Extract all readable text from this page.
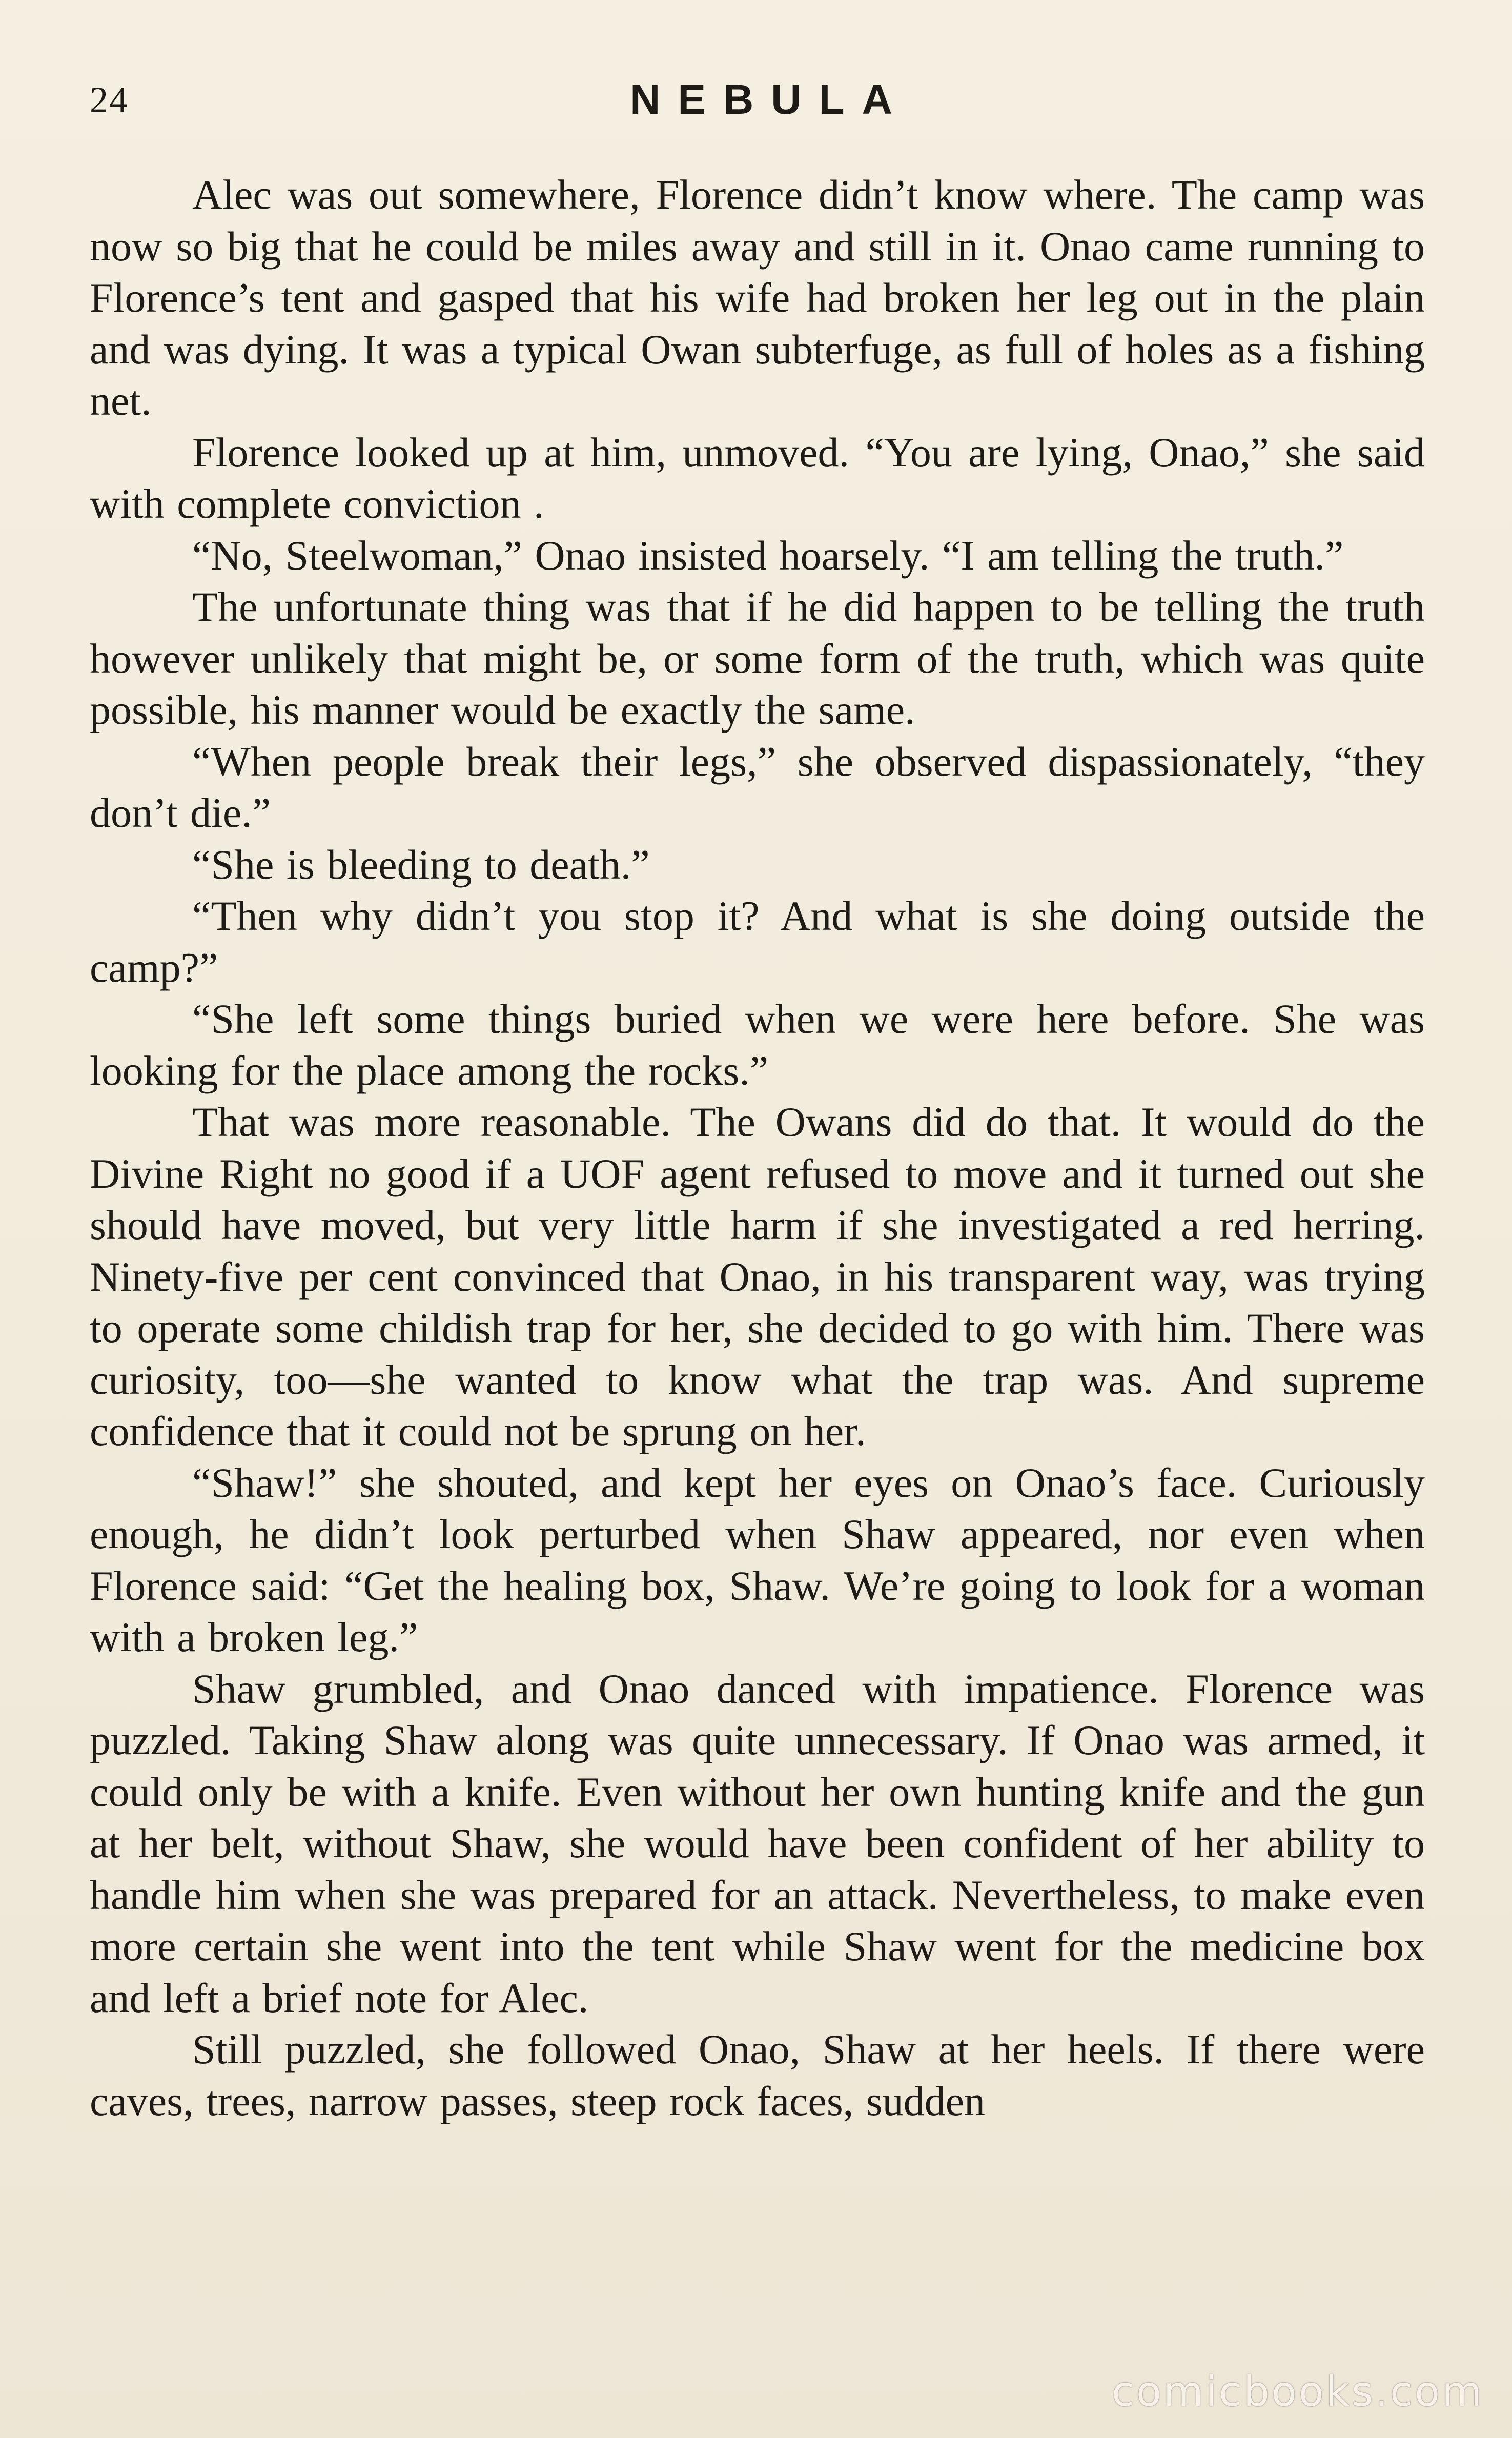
24	NEBULA

Alec was out somewhere, Florence didn’t know where. The camp was now so big that he could be miles away and still in it. Onao came running to Florence’s tent and gasped that his wife had broken her leg out in the plain and was dying. It was a typical Owan subterfuge, as full of holes as a fishing net.

Florence looked up at him, unmoved. “You are lying, Onao,” she said with complete conviction .

“No, Steelwoman,” Onao insisted hoarsely. “I am telling the truth.”

The unfortunate thing was that if he did happen to be telling the truth however unlikely that might be, or some form of the truth, which was quite possible, his manner would be exactly the same.

“When people break their legs,” she observed dispassionately, “they don’t die.”

“She is bleeding to death.”

“Then why didn’t you stop it? And what is she doing outside the camp?”

“She left some things buried when we were here before. She was looking for the place among the rocks.”

That was more reasonable. The Owans did do that. It would do the Divine Right no good if a UOF agent refused to move and it turned out she should have moved, but very little harm if she investigated a red herring. Ninety-five per cent convinced that Onao, in his transparent way, was trying to operate some childish trap for her, she decided to go with him. There was curiosity, too—she wanted to know what the trap was. And supreme confidence that it could not be sprung on her.

“Shaw!” she shouted, and kept her eyes on Onao’s face. Curiously enough, he didn’t look perturbed when Shaw appeared, nor even when Florence said: “Get the healing box, Shaw. We’re going to look for a woman with a broken leg.”

Shaw grumbled, and Onao danced with impatience. Florence was puzzled. Taking Shaw along was quite unnecessary. If Onao was armed, it could only be with a knife. Even without her own hunting knife and the gun at her belt, without Shaw, she would have been confident of her ability to handle him when she was prepared for an attack. Nevertheless, to make even more certain she went into the tent while Shaw went for the medicine box and left a brief note for Alec.

Still puzzled, she followed Onao, Shaw at her heels. If there were caves, trees, narrow passes, steep rock faces, sudden

comicbooks.com
